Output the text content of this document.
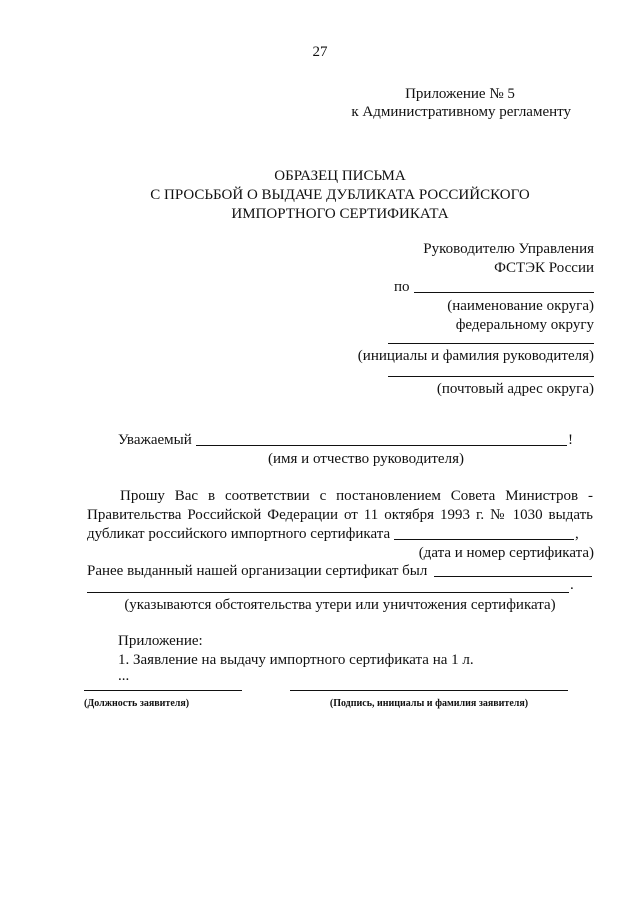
27
Приложение № 5
к Административному регламенту
ОБРАЗЕЦ ПИСЬМА
С ПРОСЬБОЙ О ВЫДАЧЕ ДУБЛИКАТА РОССИЙСКОГО
ИМПОРТНОГО СЕРТИФИКАТА
Руководителю Управления
ФСТЭК России
по
(наименование округа)
федеральному округу
(инициалы и фамилия руководителя)
(почтовый адрес округа)
Уважаемый	!
(имя и отчество руководителя)
Прошу Вас в соответствии с постановлением Совета Министров -
Правительства Российской Федерации от 11 октября 1993 г. № 1030 выдать
дубликат российского импортного сертификата	,
(дата и номер сертификата)
Ранее выданный нашей организации сертификат был
.
(указываются обстоятельства утери или уничтожения сертификата)
Приложение:
1. Заявление на выдачу импортного сертификата на 1 л.
...
(Должность заявителя)	(Подпись, инициалы и фамилия заявителя)
